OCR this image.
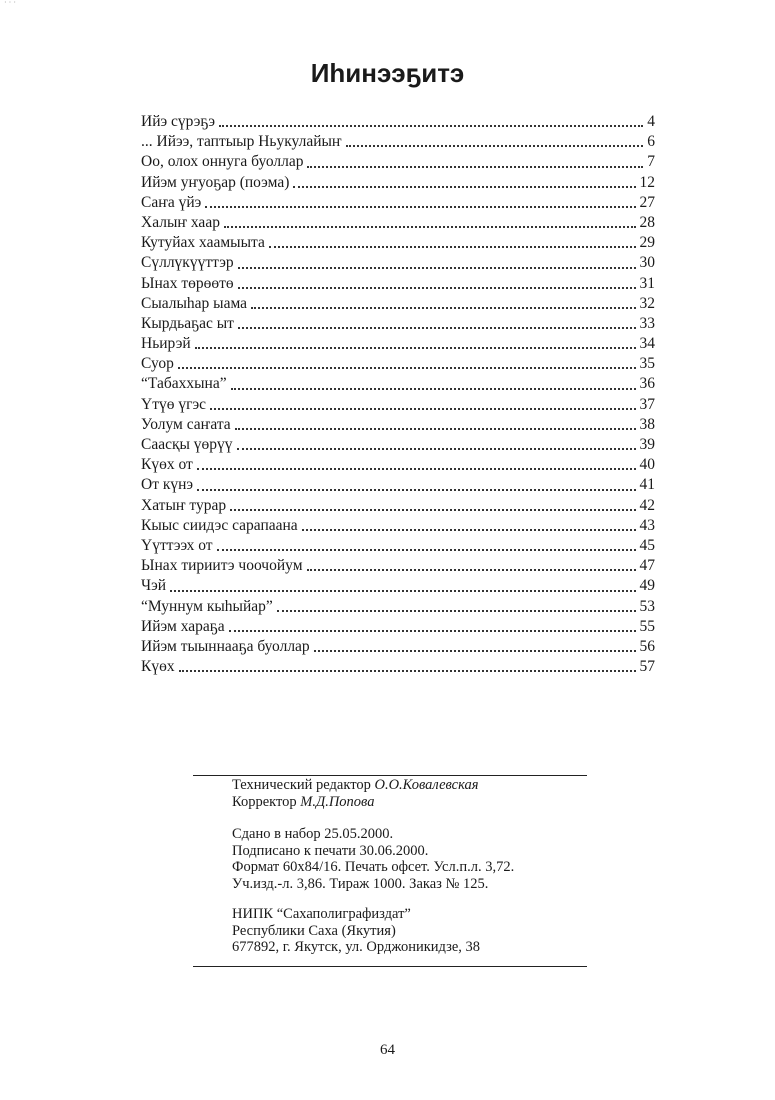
· · ·
Иhинээҕитэ
Ийэ сүрэҕэ	4
... Ийээ, таптыыр Ньукулайыҥ	6
Оо, олох оннуга буоллар	7
Ийэм уҥуоҕар (поэма)	12
Саҥа үйэ	27
Халыҥ хаар	28
Кутуйах хаамыыта	29
Сүллүкүүттэр	30
Ынах төрөөтө	31
Сыалыhар ыама	32
Кырдьаҕас ыт	33
Ньирэй	34
Суор	35
“Табаххына”	36
Үтүө үгэс	37
Уолум саҥата	38
Саасқы үөрүү	39
Күөх от	40
От күнэ	41
Хатыҥ турар	42
Кыыс сиидэс сарапаана	43
Үүттээх от	45
Ынах тириитэ чоочойум	47
Чэй	49
“Муннум кыhыйар”	53
Ийэм хараҕа	55
Ийэм тыыннааҕа буоллар	56
Күөх	57
Технический редактор О.О.Ковалевская
Корректор М.Д.Попова
Сдано в набор 25.05.2000.
Подписано к печати 30.06.2000.
Формат 60х84/16. Печать офсет. Усл.п.л. 3,72.
Уч.изд.-л. 3,86. Тираж 1000. Заказ № 125.
НИПК “Сахаполиграфиздат”
Республики Саха (Якутия)
677892, г. Якутск, ул. Орджоникидзе, 38
64
